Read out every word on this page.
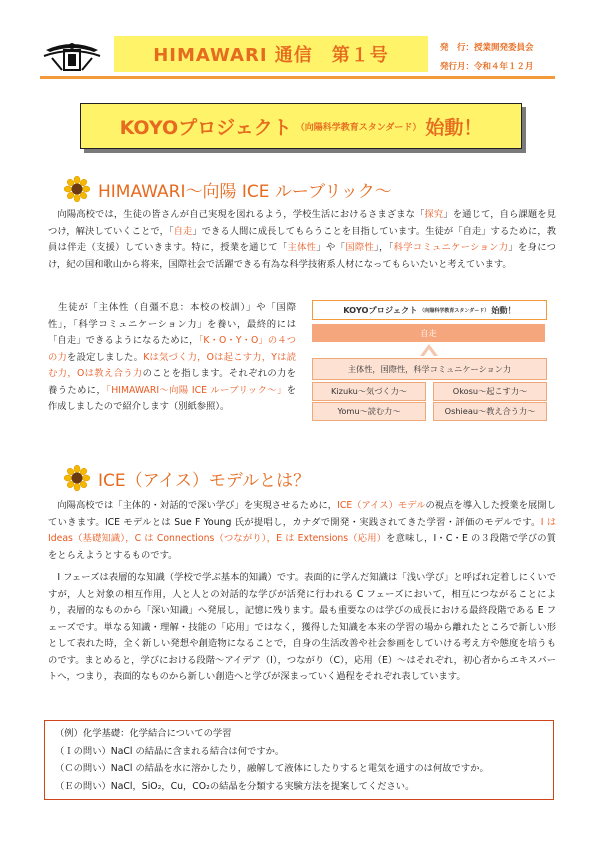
HIMAWARI 通信　第１号	発　行：授業開発委員会
発行月：令和４年１２月
KOYOプロジェクト （向陽科学教育スタンダード） 始動！
HIMAWARI～向陽 ICE ルーブリック～
　向陽高校では，生徒の皆さんが自己実現を図れるよう，学校生活におけるさまざまな「探究」を通じて，自ら課題を見つけ，解決していくことで，「自走」できる人間に成長してもらうことを目指しています。生徒が「自走」するために，教員は伴走（支援）していきます。特に，授業を通じて「主体性」や「国際性」，「科学コミュニケーション力」を身につけ，紀の国和歌山から将来，国際社会で活躍できる有為な科学技術系人材になってもらいたいと考えています。
　生徒が「主体性（自彊不息：本校の校訓）」や「国際性」，「科学コミュニケーション力」を養い，最終的には「自走」できるようになるために，「K・O・Y・O」の４つの力を設定しました。Kは気づく力，Oは起こす力，Yは読む力，Oは教え合う力のことを指します。それぞれの力を養うために，「HIMAWARI～向陽 ICE ルーブリック～」を作成しましたので紹介します（別紙参照）。
KOYOプロジェクト （向陽科学教育スタンダード） 始動！
自走
主体性，国際性，科学コミュニケーション力
Kizuku～気づく力～	Okosu～起こす力～
Yomu～読む力～	Oshieau～教え合う力～
ICE（アイス）モデルとは？
　向陽高校では「主体的・対話的で深い学び」を実現させるために，ICE（アイス）モデルの視点を導入した授業を展開していきます。ICE モデルとは Sue F Young 氏が提唱し，カナダで開発・実践されてきた学習・評価のモデルです。I は Ideas（基礎知識），C は Connections（つながり），E は Extensions（応用）を意味し，I・C・E の３段階で学びの質をとらえようとするものです。
　I フェーズは表層的な知識（学校で学ぶ基本的知識）です。表面的に学んだ知識は「浅い学び」と呼ばれ定着しにくいですが，人と対象の相互作用，人と人との対話的な学びが活発に行われる C フェーズにおいて，相互につながることにより，表層的なものから「深い知識」へ発展し，記憶に残ります。最も重要なのは学びの成長における最終段階である E フェーズです。単なる知識・理解・技能の「応用」ではなく，獲得した知識を本来の学習の場から離れたところで新しい形として表れた時，全く新しい発想や創造物になることで，自身の生活改善や社会参画をしていける考え方や態度を培うものです。まとめると，学びにおける段階～アイデア（I），つながり（C），応用（E）～はそれぞれ，初心者からエキスパートへ，つまり，表面的なものから新しい創造へと学びが深まっていく過程をそれぞれ表しています。
（例）化学基礎：化学結合についての学習
（Ｉの問い）NaCl の結晶に含まれる結合は何ですか。
（Ｃの問い）NaCl の結晶を水に溶かしたり，融解して液体にしたりすると電気を通すのは何故ですか。
（Ｅの問い）NaCl，SiO₂，Cu，CO₂の結晶を分類する実験方法を提案してください。
